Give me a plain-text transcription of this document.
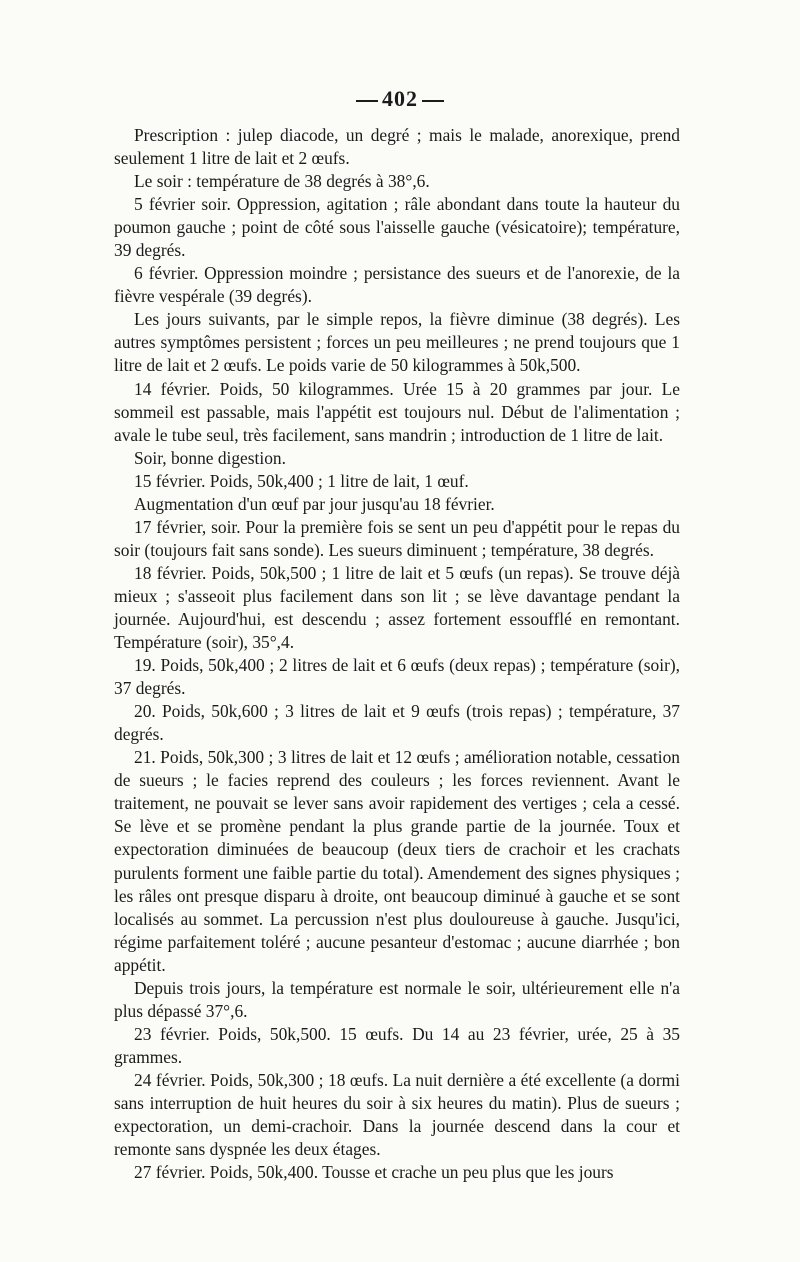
402

Prescription : julep diacode, un degré ; mais le malade, anorexique, prend seulement 1 litre de lait et 2 œufs.

Le soir : température de 38 degrés à 38°,6.

5 février soir. Oppression, agitation ; râle abondant dans toute la hauteur du poumon gauche ; point de côté sous l'aisselle gauche (vésicatoire); température, 39 degrés.

6 février. Oppression moindre ; persistance des sueurs et de l'anorexie, de la fièvre vespérale (39 degrés).

Les jours suivants, par le simple repos, la fièvre diminue (38 degrés). Les autres symptômes persistent ; forces un peu meilleures ; ne prend toujours que 1 litre de lait et 2 œufs. Le poids varie de 50 kilogrammes à 50k,500.

14 février. Poids, 50 kilogrammes. Urée 15 à 20 grammes par jour. Le sommeil est passable, mais l'appétit est toujours nul. Début de l'alimentation ; avale le tube seul, très facilement, sans mandrin ; introduction de 1 litre de lait.

Soir, bonne digestion.

15 février. Poids, 50k,400 ; 1 litre de lait, 1 œuf.

Augmentation d'un œuf par jour jusqu'au 18 février.

17 février, soir. Pour la première fois se sent un peu d'appétit pour le repas du soir (toujours fait sans sonde). Les sueurs diminuent ; température, 38 degrés.

18 février. Poids, 50k,500 ; 1 litre de lait et 5 œufs (un repas). Se trouve déjà mieux ; s'asseoit plus facilement dans son lit ; se lève davantage pendant la journée. Aujourd'hui, est descendu ; assez fortement essoufflé en remontant. Température (soir), 35°,4.

19. Poids, 50k,400 ; 2 litres de lait et 6 œufs (deux repas) ; température (soir), 37 degrés.

20. Poids, 50k,600 ; 3 litres de lait et 9 œufs (trois repas) ; température, 37 degrés.

21. Poids, 50k,300 ; 3 litres de lait et 12 œufs ; amélioration notable, cessation de sueurs ; le facies reprend des couleurs ; les forces reviennent. Avant le traitement, ne pouvait se lever sans avoir rapidement des vertiges ; cela a cessé. Se lève et se promène pendant la plus grande partie de la journée. Toux et expectoration diminuées de beaucoup (deux tiers de crachoir et les crachats purulents forment une faible partie du total). Amendement des signes physiques ; les râles ont presque disparu à droite, ont beaucoup diminué à gauche et se sont localisés au sommet. La percussion n'est plus douloureuse à gauche. Jusqu'ici, régime parfaitement toléré ; aucune pesanteur d'estomac ; aucune diarrhée ; bon appétit.

Depuis trois jours, la température est normale le soir, ultérieurement elle n'a plus dépassé 37°,6.

23 février. Poids, 50k,500. 15 œufs. Du 14 au 23 février, urée, 25 à 35 grammes.

24 février. Poids, 50k,300 ; 18 œufs. La nuit dernière a été excellente (a dormi sans interruption de huit heures du soir à six heures du matin). Plus de sueurs ; expectoration, un demi-crachoir. Dans la journée descend dans la cour et remonte sans dyspnée les deux étages.

27 février. Poids, 50k,400. Tousse et crache un peu plus que les jours
